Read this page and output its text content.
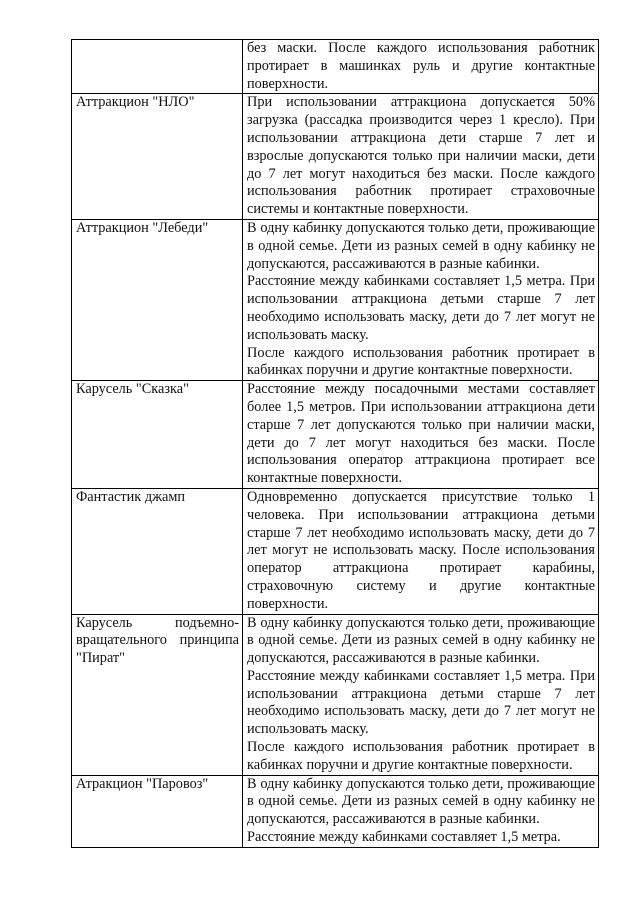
	без маски. После каждого использования работник протирает в машинках руль и другие контактные поверхности.

Аттракцион "НЛО"	При использовании аттракциона допускается 50% загрузка (рассадка производится через 1 кресло). При использовании аттракциона дети старше 7 лет и взрослые допускаются только при наличии маски, дети до 7 лет могут находиться без маски. После каждого использования работник протирает страховочные системы и контактные поверхности.

Аттракцион "Лебеди"	В одну кабинку допускаются только дети, проживающие в одной семье. Дети из разных семей в одну кабинку не допускаются, рассаживаются в разные кабинки.

Расстояние между кабинками составляет 1,5 метра. При использовании аттракциона детьми старше 7 лет необходимо использовать маску, дети до 7 лет могут не использовать маску.

После каждого использования работник протирает в кабинках поручни и другие контактные поверхности.

Карусель "Сказка"	Расстояние между посадочными местами составляет более 1,5 метров. При использовании аттракциона дети старше 7 лет допускаются только при наличии маски, дети до 7 лет могут находиться без маски. После использования оператор аттракциона протирает все контактные поверхности.

Фантастик джамп	Одновременно допускается присутствие только 1 человека. При использовании аттракциона детьми старше 7 лет необходимо использовать маску, дети до 7 лет могут не использовать маску. После использования оператор аттракциона протирает карабины, страховочную систему и другие контактные поверхности.

Карусель подъемно-вращательного принципа "Пират"	В одну кабинку допускаются только дети, проживающие в одной семье. Дети из разных семей в одну кабинку не допускаются, рассаживаются в разные кабинки.

Расстояние между кабинками составляет 1,5 метра. При использовании аттракциона детьми старше 7 лет необходимо использовать маску, дети до 7 лет могут не использовать маску.

После каждого использования работник протирает в кабинках поручни и другие контактные поверхности.

Атракцион "Паровоз"	В одну кабинку допускаются только дети, проживающие в одной семье. Дети из разных семей в одну кабинку не допускаются, рассаживаются в разные кабинки.

Расстояние между кабинками составляет 1,5 метра.
